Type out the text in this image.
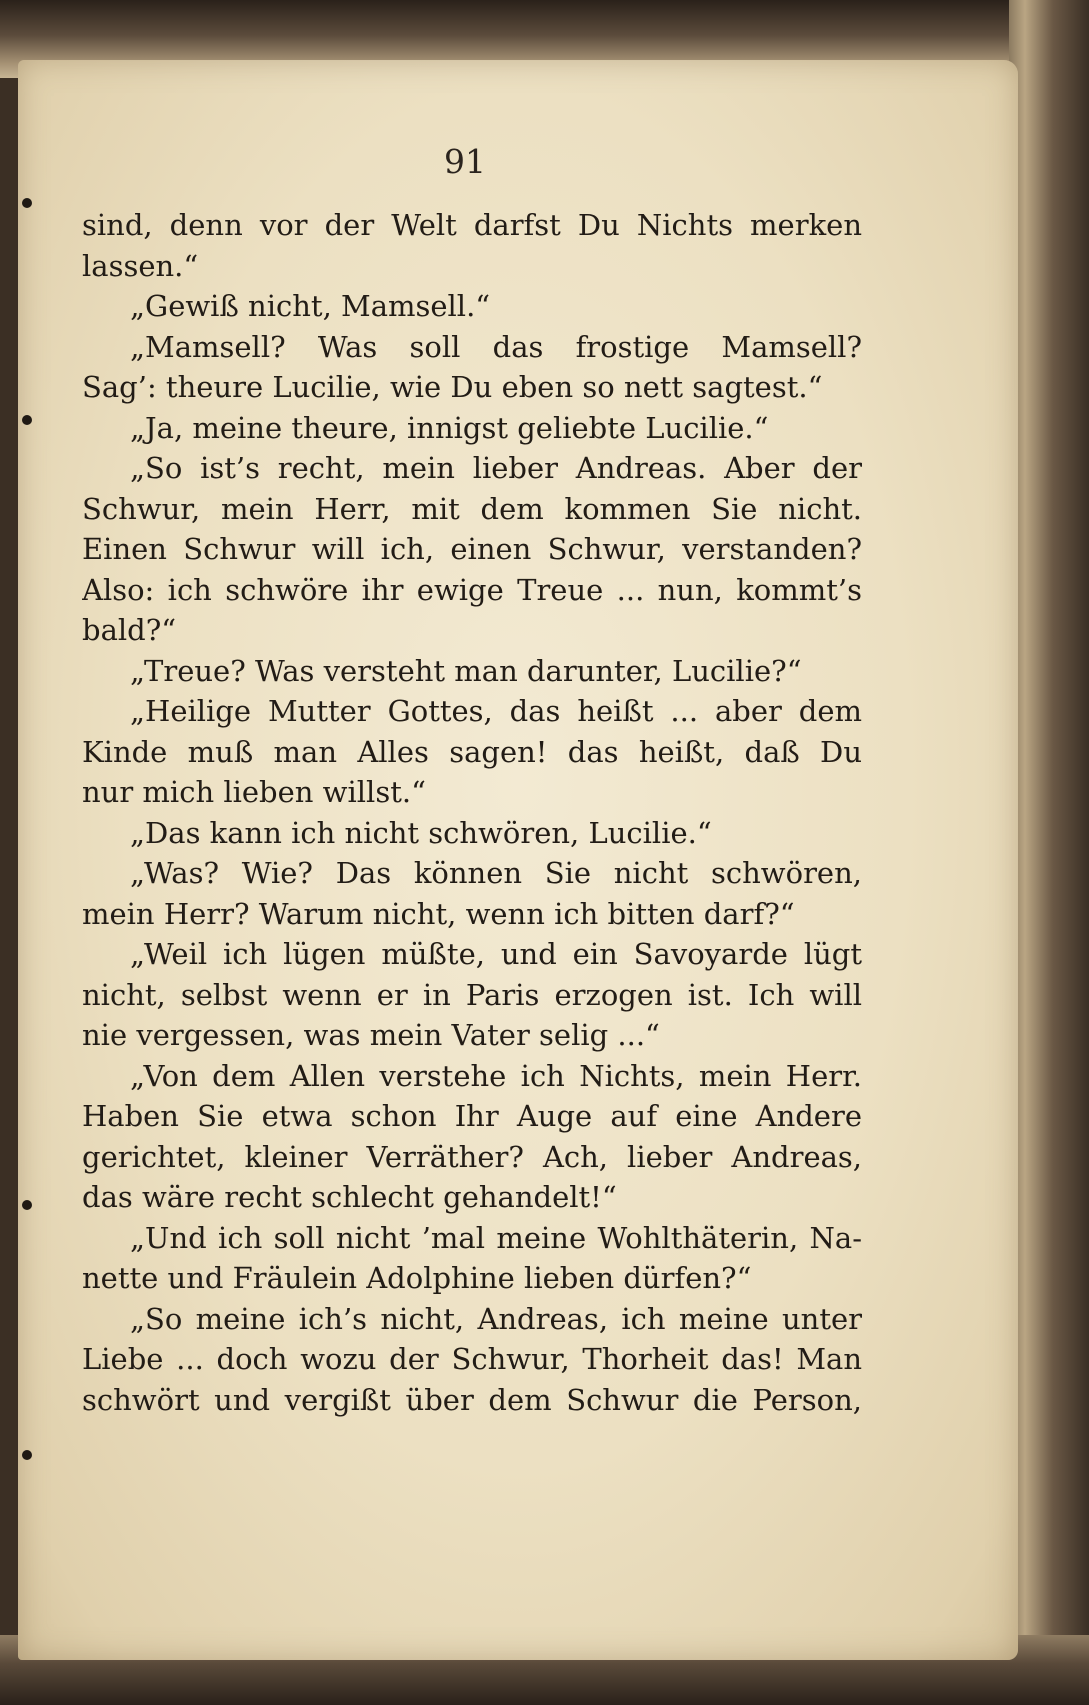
91
sind, denn vor der Welt darfst Du Nichts merken
lassen.“
„Gewiß nicht, Mamsell.“
„Mamsell? Was soll das frostige Mamsell?
Sag’: theure Lucilie, wie Du eben so nett sagtest.“
„Ja, meine theure, innigst geliebte Lucilie.“
„So ist’s recht, mein lieber Andreas. Aber der
Schwur, mein Herr, mit dem kommen Sie nicht.
Einen Schwur will ich, einen Schwur, verstanden?
Also: ich schwöre ihr ewige Treue ... nun, kommt’s
bald?“
„Treue? Was versteht man darunter, Lucilie?“
„Heilige Mutter Gottes, das heißt ... aber dem
Kinde muß man Alles sagen! das heißt, daß Du
nur mich lieben willst.“
„Das kann ich nicht schwören, Lucilie.“
„Was? Wie? Das können Sie nicht schwören,
mein Herr? Warum nicht, wenn ich bitten darf?“
„Weil ich lügen müßte, und ein Savoyarde lügt
nicht, selbst wenn er in Paris erzogen ist. Ich will
nie vergessen, was mein Vater selig ...“
„Von dem Allen verstehe ich Nichts, mein Herr.
Haben Sie etwa schon Ihr Auge auf eine Andere
gerichtet, kleiner Verräther? Ach, lieber Andreas,
das wäre recht schlecht gehandelt!“
„Und ich soll nicht ’mal meine Wohlthäterin, Na-
nette und Fräulein Adolphine lieben dürfen?“
„So meine ich’s nicht, Andreas, ich meine unter
Liebe ... doch wozu der Schwur, Thorheit das! Man
schwört und vergißt über dem Schwur die Person,
